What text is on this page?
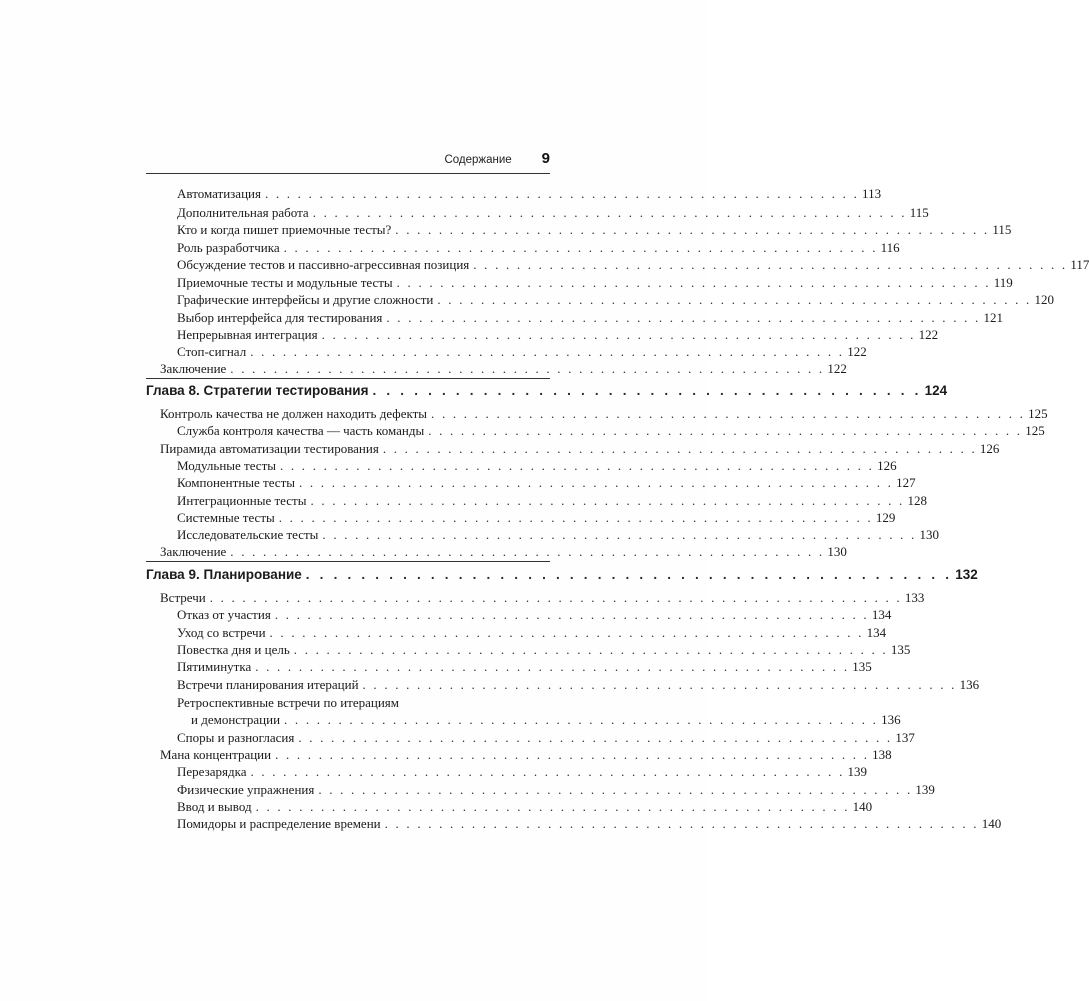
Содержание 9
Автоматизация . . . . . . . . . . . . . . . . . . . . . . . . . . . . . . . . . . . . . . . . . . . . . . . . . . . . . . . 113
Дополнительная работа . . . . . . . . . . . . . . . . . . . . . . . . . . . . . . . . . . . . . . . . . . . . . . . . . . . . . . . 115
Кто и когда пишет приемочные тесты? . . . . . . . . . . . . . . . . . . . . . . . . . . . . . . . . . . . . . . . . . . . . . . . . . . . . . . . 115
Роль разработчика . . . . . . . . . . . . . . . . . . . . . . . . . . . . . . . . . . . . . . . . . . . . . . . . . . . . . . . 116
Обсуждение тестов и пассивно-агрессивная позиция . . . . . . . . . . . . . . . . . . . . . . . . . . . . . . . . . . . . . . . . . . . . . . . . . . . . . . . 117
Приемочные тесты и модульные тесты . . . . . . . . . . . . . . . . . . . . . . . . . . . . . . . . . . . . . . . . . . . . . . . . . . . . . . . 119
Графические интерфейсы и другие сложности . . . . . . . . . . . . . . . . . . . . . . . . . . . . . . . . . . . . . . . . . . . . . . . . . . . . . . . 120
Выбор интерфейса для тестирования . . . . . . . . . . . . . . . . . . . . . . . . . . . . . . . . . . . . . . . . . . . . . . . . . . . . . . . 121
Непрерывная интеграция . . . . . . . . . . . . . . . . . . . . . . . . . . . . . . . . . . . . . . . . . . . . . . . . . . . . . . . 122
Стоп-сигнал . . . . . . . . . . . . . . . . . . . . . . . . . . . . . . . . . . . . . . . . . . . . . . . . . . . . . . . 122
Заключение . . . . . . . . . . . . . . . . . . . . . . . . . . . . . . . . . . . . . . . . . . . . . . . . . . . . . . . 122
Глава 8. Стратегии тестирования . . . . . . . . . . . . . . . . . . . . . . . . . . . . . . . . . . . . . . . . 124
Контроль качества не должен находить дефекты . . . . . . . . . . . . . . . . . . . . . . . . . . . . . . . . . . . . . . . . . . . . . . . . . . . . . . . 125
Служба контроля качества — часть команды . . . . . . . . . . . . . . . . . . . . . . . . . . . . . . . . . . . . . . . . . . . . . . . . . . . . . . . 125
Пирамида автоматизации тестирования . . . . . . . . . . . . . . . . . . . . . . . . . . . . . . . . . . . . . . . . . . . . . . . . . . . . . . . 126
Модульные тесты . . . . . . . . . . . . . . . . . . . . . . . . . . . . . . . . . . . . . . . . . . . . . . . . . . . . . . . 126
Компонентные тесты . . . . . . . . . . . . . . . . . . . . . . . . . . . . . . . . . . . . . . . . . . . . . . . . . . . . . . . 127
Интеграционные тесты . . . . . . . . . . . . . . . . . . . . . . . . . . . . . . . . . . . . . . . . . . . . . . . . . . . . . . . 128
Системные тесты . . . . . . . . . . . . . . . . . . . . . . . . . . . . . . . . . . . . . . . . . . . . . . . . . . . . . . . 129
Исследовательские тесты . . . . . . . . . . . . . . . . . . . . . . . . . . . . . . . . . . . . . . . . . . . . . . . . . . . . . . . 130
Заключение . . . . . . . . . . . . . . . . . . . . . . . . . . . . . . . . . . . . . . . . . . . . . . . . . . . . . . . 130
Глава 9. Планирование . . . . . . . . . . . . . . . . . . . . . . . . . . . . . . . . . . . . . . . . . . . . . . . 132
Встречи . . . . . . . . . . . . . . . . . . . . . . . . . . . . . . . . . . . . . . . . . . . . . . . . . . . . . . . . . . . . . . . . 133
Отказ от участия . . . . . . . . . . . . . . . . . . . . . . . . . . . . . . . . . . . . . . . . . . . . . . . . . . . . . . . 134
Уход со встречи . . . . . . . . . . . . . . . . . . . . . . . . . . . . . . . . . . . . . . . . . . . . . . . . . . . . . . . 134
Повестка дня и цель . . . . . . . . . . . . . . . . . . . . . . . . . . . . . . . . . . . . . . . . . . . . . . . . . . . . . . . 135
Пятиминутка . . . . . . . . . . . . . . . . . . . . . . . . . . . . . . . . . . . . . . . . . . . . . . . . . . . . . . . 135
Встречи планирования итераций . . . . . . . . . . . . . . . . . . . . . . . . . . . . . . . . . . . . . . . . . . . . . . . . . . . . . . . 136
Ретроспективные встречи по итерациям
и демонстрации . . . . . . . . . . . . . . . . . . . . . . . . . . . . . . . . . . . . . . . . . . . . . . . . . . . . . . . 136
Споры и разногласия . . . . . . . . . . . . . . . . . . . . . . . . . . . . . . . . . . . . . . . . . . . . . . . . . . . . . . . 137
Мана концентрации . . . . . . . . . . . . . . . . . . . . . . . . . . . . . . . . . . . . . . . . . . . . . . . . . . . . . . . 138
Перезарядка . . . . . . . . . . . . . . . . . . . . . . . . . . . . . . . . . . . . . . . . . . . . . . . . . . . . . . . 139
Физические упражнения . . . . . . . . . . . . . . . . . . . . . . . . . . . . . . . . . . . . . . . . . . . . . . . . . . . . . . . 139
Ввод и вывод . . . . . . . . . . . . . . . . . . . . . . . . . . . . . . . . . . . . . . . . . . . . . . . . . . . . . . . 140
Помидоры и распределение времени . . . . . . . . . . . . . . . . . . . . . . . . . . . . . . . . . . . . . . . . . . . . . . . . . . . . . . . 140
